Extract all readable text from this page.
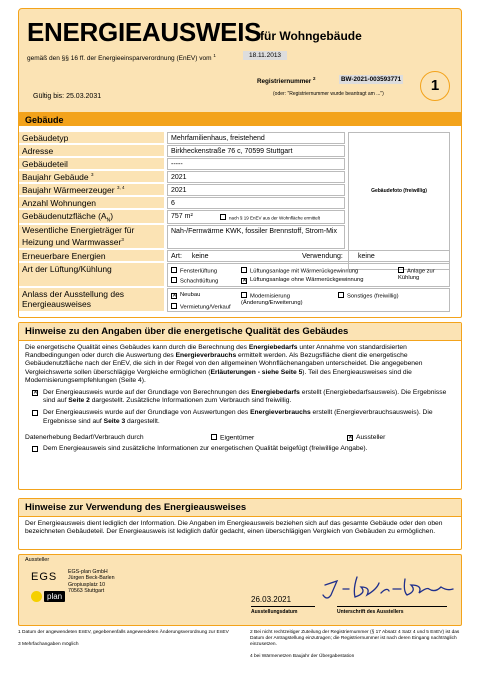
ENERGIEAUSWEIS
für Wohngebäude
gemäß den §§ 16 ff. der Energieeinsparverordnung (EnEV) vom $^1$	18.11.2013
Registriernummer $^2$	BW-2021-003593771
(oder: "Registriernummer wurde beantragt am ...")
Gültig bis: 25.03.2031
1
Gebäude
Gebäudefoto (freiwillig)
Gebäudetyp	Mehrfamilienhaus, freistehend
Adresse	Birkheckenstraße 76 c, 70599 Stuttgart
Gebäudeteil	-----
Baujahr Gebäude $^3$	2021
Baujahr Wärmeerzeuger $^{3, 4}$	2021
Anzahl Wohnungen	6
Gebäudenutzfläche $(A_N)$	757 m²	nach § 19 EnEV aus der Wohnfläche ermittelt
Wesentliche Energieträger für Heizung und Warmwasser$^3$
Nah-/Fernwärme KWK, fossiler Brennstoff, Strom-Mix
Erneuerbare Energien	Art: keine	Verwendung: keine
Art der Lüftung/Kühlung	Fensterlüftung	Lüftungsanlage mit Wärmerückgewinnung	Anlage zur Kühlung
Schachtlüftung	✕ Lüftungsanlage ohne Wärmerückgewinnung
Anlass der Ausstellung des Energieausweises
✕ Neubau	Modernisierung (Änderung/Erweiterung)
Sonstiges (freiwillig)
Vermietung/Verkauf
Hinweise zu den Angaben über die energetische Qualität des Gebäudes

Die energetische Qualität eines Gebäudes kann durch die Berechnung des Energiebedarfs unter Annahme von standardisierten Randbedingungen oder durch die Auswertung des Energieverbrauchs ermittelt werden. Als Bezugsfläche dient die energetische Gebäudenutzfläche nach der EnEV, die sich in der Regel von den allgemeinen Wohnflächenangaben unterscheidet. Die angegebenen Vergleichswerte sollen überschlägige Vergleiche ermöglichen (Erläuterungen - siehe Seite 5). Teil des Energieausweises sind die Modernisierungsempfehlungen (Seite 4).

✕ Der Energieausweis wurde auf der Grundlage von Berechnungen des Energiebedarfs erstellt (Energiebedarfsausweis). Die Ergebnisse sind auf Seite 2 dargestellt. Zusätzliche Informationen zum Verbrauch sind freiwillig.
Der Energieausweis wurde auf der Grundlage von Auswertungen des Energieverbrauchs erstellt (Energieverbrauchsausweis). Die Ergebnisse sind auf Seite 3 dargestellt.
Datenerhebung Bedarf/Verbrauch durch	Eigentümer	✕ Aussteller
Dem Energieausweis sind zusätzliche Informationen zur energetischen Qualität beigefügt (freiwillige Angabe).
Hinweise zur Verwendung des Energieausweises
Der Energieausweis dient lediglich der Information. Die Angaben im Energieausweis beziehen sich auf das gesamte Gebäude oder den oben bezeichneten Gebäudeteil. Der Energieausweis ist lediglich dafür gedacht, einen überschlägigen Vergleich von Gebäuden zu ermöglichen.
Aussteller
EGS
plan
EGS-plan GmbH
Jürgen Beck-Barlen
Gropiusplatz 10
70563 Stuttgart
26.03.2021
Ausstellungsdatum	Unterschrift des Ausstellers
1 Datum der angewendeten EnEV, gegebenenfalls angewendeten Änderungsverordnung zur EnEV	2 Bei nicht rechtzeitiger Zuteilung der Registriernummer (§ 17 Absatz 4 Satz 4 und 5 EnEV) ist das Datum der Antragstellung einzutragen; die Registriernummer ist nach deren Eingang nachträglich einzusetzen.
3 Mehrfachangaben möglich
4 bei Wärmenetzen Baujahr der Übergabestation
